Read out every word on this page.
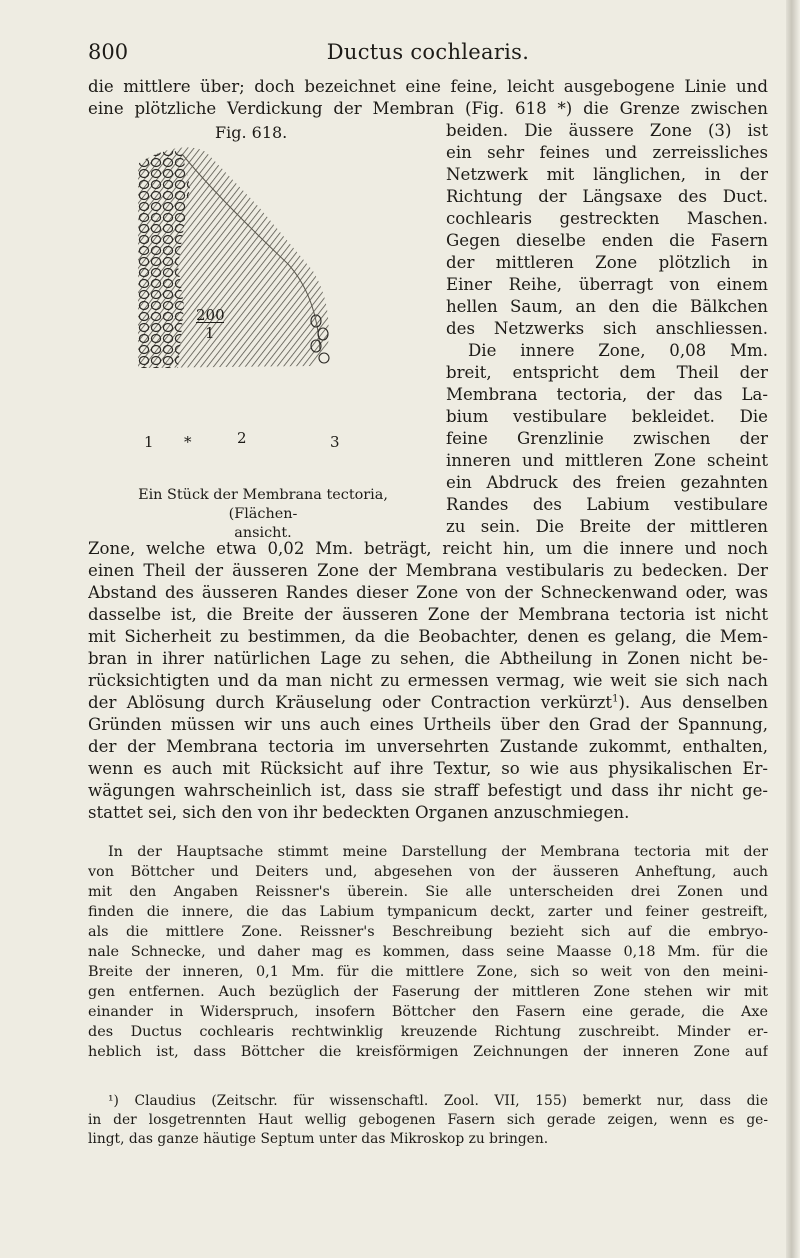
800	Ductus cochlearis.
die mittlere über; doch bezeichnet eine feine, leicht ausgebogene Linie und
eine plötzliche Verdickung der Membran (Fig. 618 *) die Grenze zwischen
Fig. 618.
200
1
1 *	2	3
Ein Stück der Membrana tectoria, (Flächen-
ansicht.
beiden. Die äussere Zone (3) ist
ein sehr feines und zerreissliches
Netzwerk mit länglichen, in der
Richtung der Längsaxe des Duct.
cochlearis gestreckten Maschen.
Gegen dieselbe enden die Fasern
der mittleren Zone plötzlich in
Einer Reihe, überragt von einem
hellen Saum, an den die Bälkchen
des Netzwerks sich anschliessen.
Die innere Zone, 0,08 Mm.
breit, entspricht dem Theil der
Membrana tectoria, der das La-
bium vestibulare bekleidet. Die
feine Grenzlinie zwischen der
inneren und mittleren Zone scheint
ein Abdruck des freien gezahnten
Randes des Labium vestibulare
zu sein. Die Breite der mittleren
Zone, welche etwa 0,02 Mm. beträgt, reicht hin, um die innere und noch
einen Theil der äusseren Zone der Membrana vestibularis zu bedecken. Der
Abstand des äusseren Randes dieser Zone von der Schneckenwand oder, was
dasselbe ist, die Breite der äusseren Zone der Membrana tectoria ist nicht
mit Sicherheit zu bestimmen, da die Beobachter, denen es gelang, die Mem-
bran in ihrer natürlichen Lage zu sehen, die Abtheilung in Zonen nicht be-
rücksichtigten und da man nicht zu ermessen vermag, wie weit sie sich nach
der Ablösung durch Kräuselung oder Contraction verkürzt$^1$). Aus denselben
Gründen müssen wir uns auch eines Urtheils über den Grad der Spannung,
der der Membrana tectoria im unversehrten Zustande zukommt, enthalten,
wenn es auch mit Rücksicht auf ihre Textur, so wie aus physikalischen Er-
wägungen wahrscheinlich ist, dass sie straff befestigt und dass ihr nicht ge-
stattet sei, sich den von ihr bedeckten Organen anzuschmiegen.
In der Hauptsache stimmt meine Darstellung der Membrana tectoria mit der
von Böttcher und Deiters und, abgesehen von der äusseren Anheftung, auch
mit den Angaben Reissner's überein. Sie alle unterscheiden drei Zonen und
finden die innere, die das Labium tympanicum deckt, zarter und feiner gestreift,
als die mittlere Zone. Reissner's Beschreibung bezieht sich auf die embryo-
nale Schnecke, und daher mag es kommen, dass seine Maasse 0,18 Mm. für die
Breite der inneren, 0,1 Mm. für die mittlere Zone, sich so weit von den meini-
gen entfernen. Auch bezüglich der Faserung der mittleren Zone stehen wir mit
einander in Widerspruch, insofern Böttcher den Fasern eine gerade, die Axe
des Ductus cochlearis rechtwinklig kreuzende Richtung zuschreibt. Minder er-
heblich ist, dass Böttcher die kreisförmigen Zeichnungen der inneren Zone auf
¹) Claudius (Zeitschr. für wissenschaftl. Zool. VII, 155) bemerkt nur, dass die
in der losgetrennten Haut wellig gebogenen Fasern sich gerade zeigen, wenn es ge-
lingt, das ganze häutige Septum unter das Mikroskop zu bringen.
